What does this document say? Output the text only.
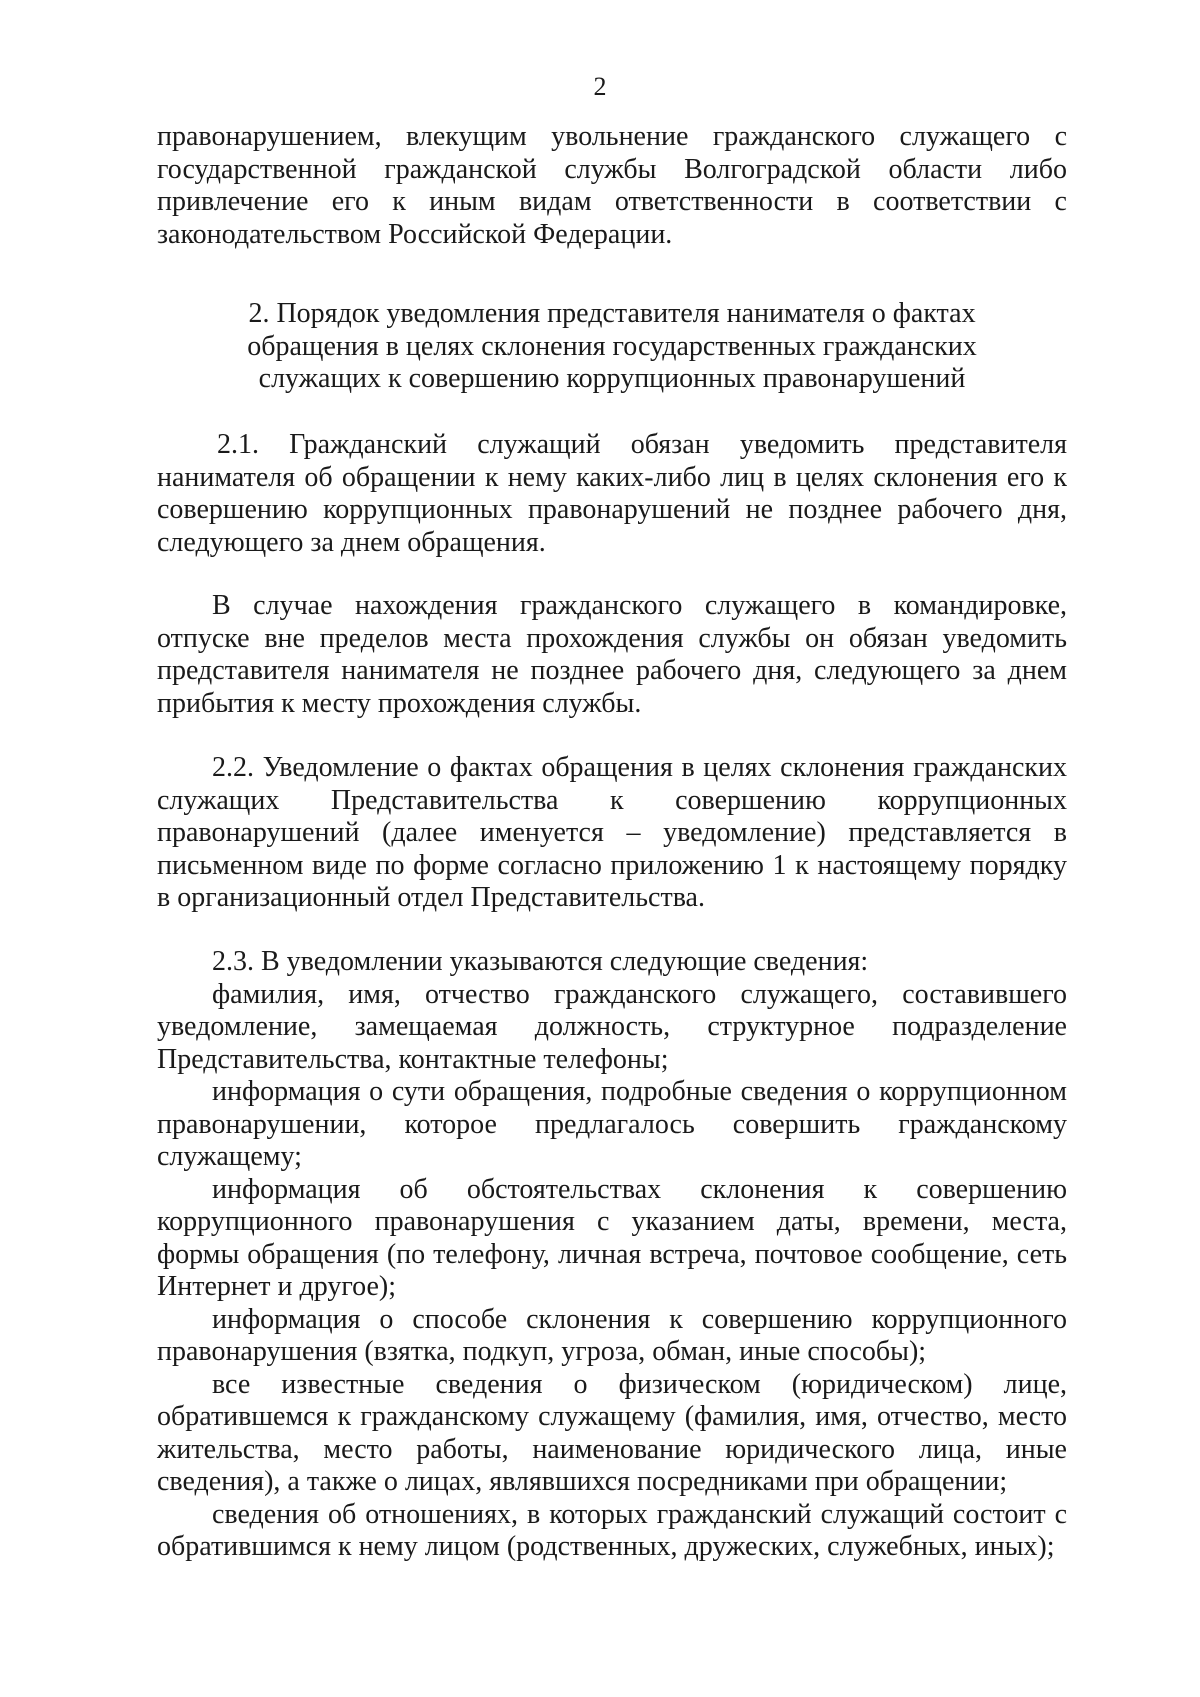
2
правонарушением, влекущим увольнение гражданского служащего с
государственной гражданской службы Волгоградской области либо
привлечение его к иным видам ответственности в соответствии с
законодательством Российской Федерации.
2. Порядок уведомления представителя нанимателя о фактах
обращения в целях склонения государственных гражданских
служащих к совершению коррупционных правонарушений
2.1. Гражданский служащий обязан уведомить представителя
нанимателя об обращении к нему каких-либо лиц в целях склонения его к
совершению коррупционных правонарушений не позднее рабочего дня,
следующего за днем обращения.
В случае нахождения гражданского служащего в командировке,
отпуске вне пределов места прохождения службы он обязан уведомить
представителя нанимателя не позднее рабочего дня, следующего за днем
прибытия к месту прохождения службы.
2.2. Уведомление о фактах обращения в целях склонения гражданских
служащих Представительства к совершению коррупционных
правонарушений (далее именуется – уведомление) представляется в
письменном виде по форме согласно приложению 1 к настоящему порядку
в организационный отдел Представительства.
2.3. В уведомлении указываются следующие сведения:
фамилия, имя, отчество гражданского служащего, составившего
уведомление, замещаемая должность, структурное подразделение
Представительства, контактные телефоны;
информация о сути обращения, подробные сведения о коррупционном
правонарушении, которое предлагалось совершить гражданскому
служащему;
информация об обстоятельствах склонения к совершению
коррупционного правонарушения с указанием даты, времени, места,
формы обращения (по телефону, личная встреча, почтовое сообщение, сеть
Интернет и другое);
информация о способе склонения к совершению коррупционного
правонарушения (взятка, подкуп, угроза, обман, иные способы);
все известные сведения о физическом (юридическом) лице,
обратившемся к гражданскому служащему (фамилия, имя, отчество, место
жительства, место работы, наименование юридического лица, иные
сведения), а также о лицах, являвшихся посредниками при обращении;
сведения об отношениях, в которых гражданский служащий состоит с
обратившимся к нему лицом (родственных, дружеских, служебных, иных);
